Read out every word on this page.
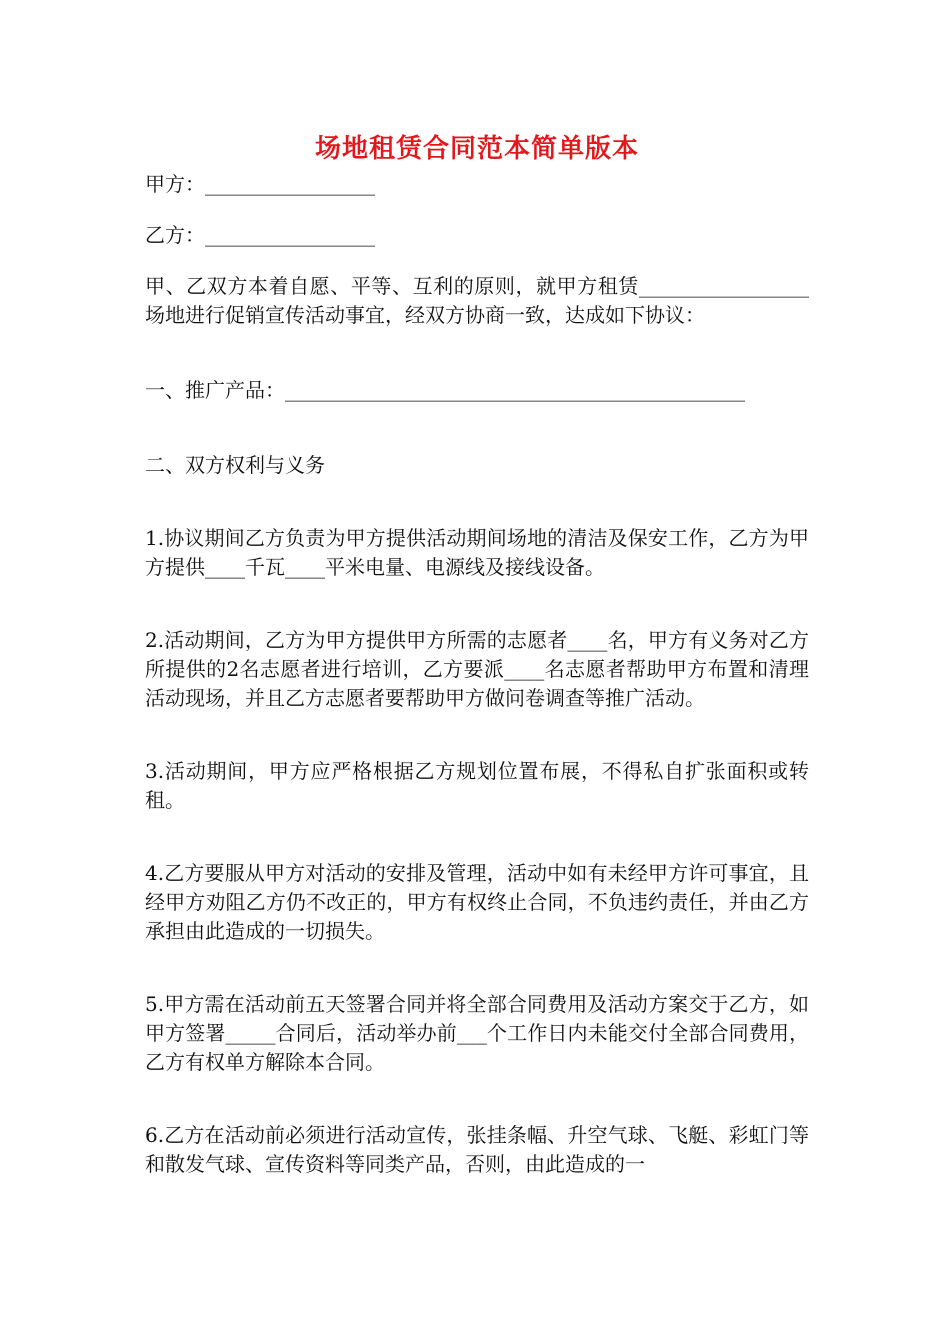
场地租赁合同范本简单版本

甲方：_________________

乙方：_________________

甲、乙双方本着自愿、平等、互利的原则，就甲方租赁_________________场地进行促销宣传活动事宜，经双方协商一致，达成如下协议：

一、推广产品：______________________________________________

二、双方权利与义务

1.协议期间乙方负责为甲方提供活动期间场地的清洁及保安工作，乙方为甲方提供____千瓦____平米电量、电源线及接线设备。

2.活动期间，乙方为甲方提供甲方所需的志愿者____名，甲方有义务对乙方所提供的2名志愿者进行培训，乙方要派____名志愿者帮助甲方布置和清理活动现场，并且乙方志愿者要帮助甲方做问卷调查等推广活动。

3.活动期间，甲方应严格根据乙方规划位置布展，不得私自扩张面积或转租。

4.乙方要服从甲方对活动的安排及管理，活动中如有未经甲方许可事宜，且经甲方劝阻乙方仍不改正的，甲方有权终止合同，不负违约责任，并由乙方承担由此造成的一切损失。

5.甲方需在活动前五天签署合同并将全部合同费用及活动方案交于乙方，如甲方签署_____合同后，活动举办前___个工作日内未能交付全部合同费用，乙方有权单方解除本合同。

6.乙方在活动前必须进行活动宣传，张挂条幅、升空气球、飞艇、彩虹门等和散发气球、宣传资料等同类产品，否则，由此造成的一
